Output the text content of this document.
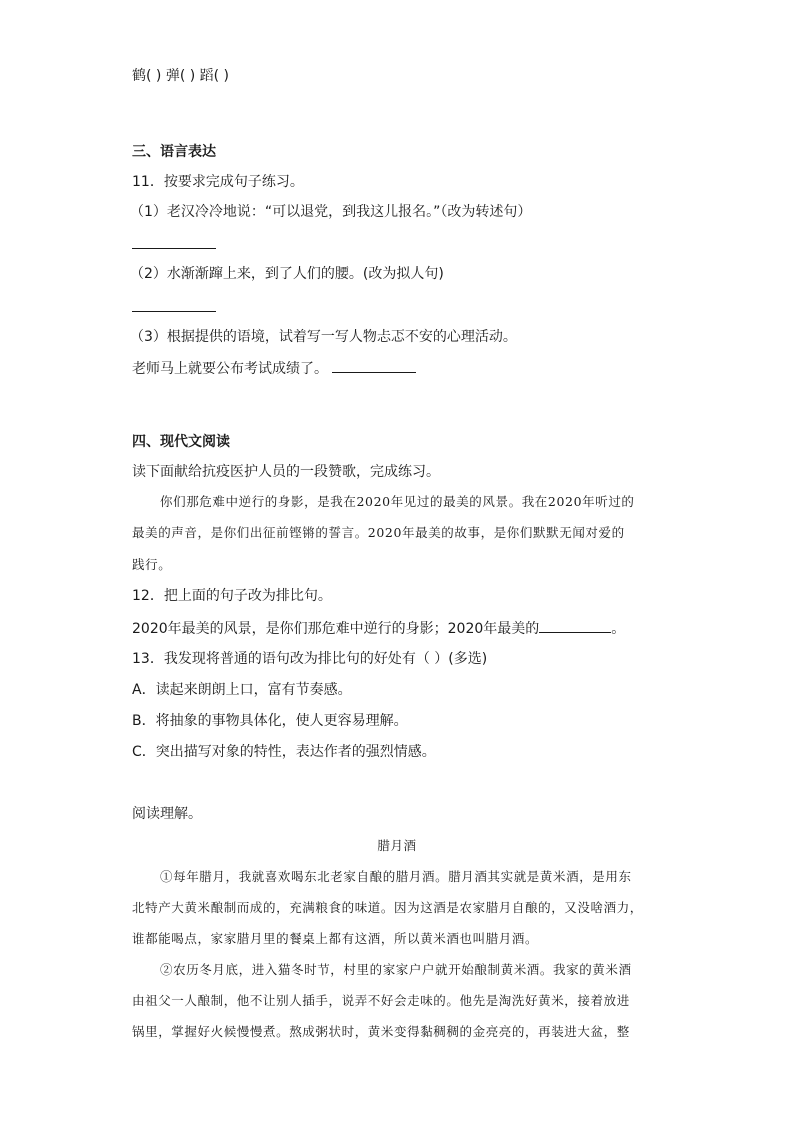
鹤( ) 弹( ) 蹈( )
三、语言表达
11．按要求完成句子练习。
（1）老汉冷冷地说：“可以退党，到我这儿报名。”（改为转述句）
（2）水渐渐蹿上来，到了人们的腰。(改为拟人句)
（3）根据提供的语境，试着写一写人物忐忑不安的心理活动。
老师马上就要公布考试成绩了。
四、现代文阅读
读下面献给抗疫医护人员的一段赞歌，完成练习。
你们那危难中逆行的身影，是我在2020年见过的最美的风景。我在2020年听过的
最美的声音，是你们出征前铿锵的誓言。2020年最美的故事，是你们默默无闻对爱的
践行。
12．把上面的句子改为排比句。
2020年最美的风景，是你们那危难中逆行的身影；2020年最美的	。
13．我发现将普通的语句改为排比句的好处有（ ）(多选)
A．读起来朗朗上口，富有节奏感。
B．将抽象的事物具体化，使人更容易理解。
C．突出描写对象的特性，表达作者的强烈情感。
阅读理解。
腊月酒
①每年腊月，我就喜欢喝东北老家自酿的腊月酒。腊月酒其实就是黄米酒，是用东
北特产大黄米酿制而成的，充满粮食的味道。因为这酒是农家腊月自酿的，又没啥酒力，
谁都能喝点，家家腊月里的餐桌上都有这酒，所以黄米酒也叫腊月酒。
②农历冬月底，进入猫冬时节，村里的家家户户就开始酿制黄米酒。我家的黄米酒
由祖父一人酿制，他不让别人插手，说弄不好会走味的。他先是淘洗好黄米，接着放进
锅里，掌握好火候慢慢煮。熬成粥状时，黄米变得黏稠稠的金亮亮的，再装进大盆，整
